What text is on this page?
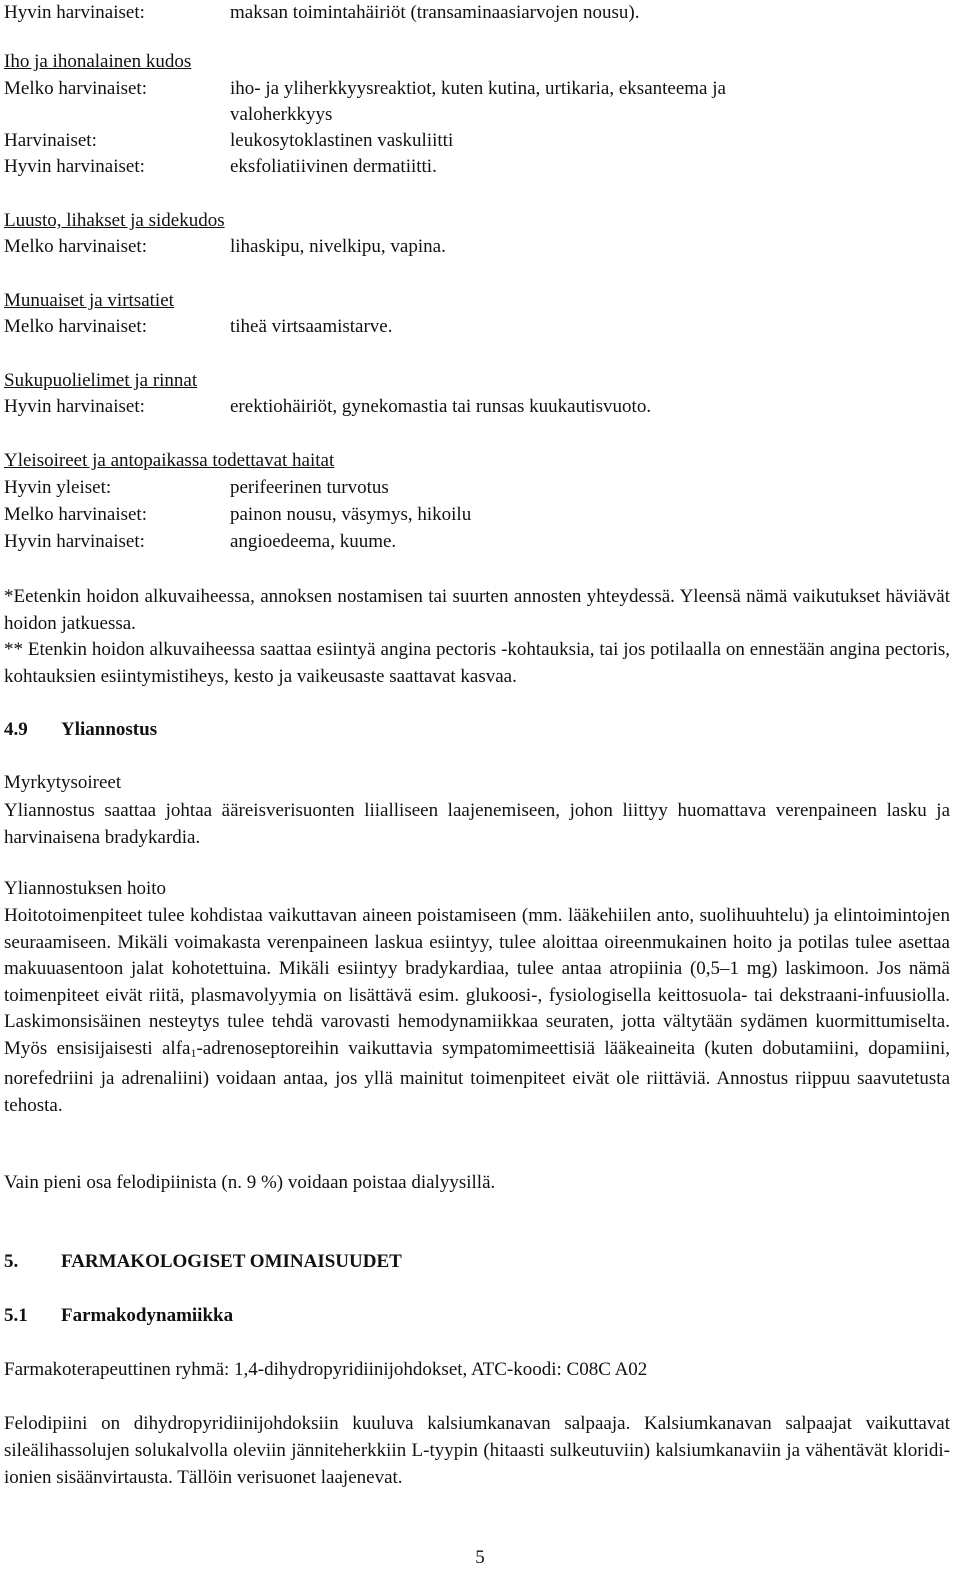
Hyvin harvinaiset:	maksan toimintahäiriöt (transaminaasiarvojen nousu).
Iho ja ihonalainen kudos
Melko harvinaiset:	iho- ja yliherkkyysreaktiot, kuten kutina, urtikaria, eksanteema ja
valoherkkyys
Harvinaiset:	leukosytoklastinen vaskuliitti
Hyvin harvinaiset:	eksfoliatiivinen dermatiitti.
Luusto, lihakset ja sidekudos
Melko harvinaiset:	lihaskipu, nivelkipu, vapina.
Munuaiset ja virtsatiet
Melko harvinaiset:	tiheä virtsaamistarve.
Sukupuolielimet ja rinnat
Hyvin harvinaiset:	erektiohäiriöt, gynekomastia tai runsas kuukautisvuoto.
Yleisoireet ja antopaikassa todettavat haitat
Hyvin yleiset:	perifeerinen turvotus
Melko harvinaiset:	painon nousu, väsymys, hikoilu
Hyvin harvinaiset:	angioedeema, kuume.
*Eetenkin hoidon alkuvaiheessa, annoksen nostamisen tai suurten annosten yhteydessä. Yleensä nämä vaikutukset häviävät hoidon jatkuessa.
** Etenkin hoidon alkuvaiheessa saattaa esiintyä angina pectoris -kohtauksia, tai jos potilaalla on ennestään angina pectoris, kohtauksien esiintymistiheys, kesto ja vaikeusaste saattavat kasvaa.
4.9 Yliannostus
Myrkytysoireet
Yliannostus saattaa johtaa ääreisverisuonten liialliseen laajenemiseen, johon liittyy huomattava verenpaineen lasku ja harvinaisena bradykardia.
Yliannostuksen hoito
Hoitotoimenpiteet tulee kohdistaa vaikuttavan aineen poistamiseen (mm. lääkehiilen anto, suolihuuhtelu) ja elintoimintojen seuraamiseen. Mikäli voimakasta verenpaineen laskua esiintyy, tulee aloittaa oireenmukainen hoito ja potilas tulee asettaa makuuasentoon jalat kohotettuina. Mikäli esiintyy bradykardiaa, tulee antaa atropiinia (0,5–1 mg) laskimoon. Jos nämä toimenpiteet eivät riitä, plasmavolyymia on lisättävä esim. glukoosi-, fysiologisella keittosuola- tai dekstraani-infuusiolla. Laskimonsisäinen nesteytys tulee tehdä varovasti hemodynamiikkaa seuraten, jotta vältytään sydämen kuormittumiselta. Myös ensisijaisesti alfa$_1$-adrenoseptoreihin vaikuttavia sympatomimeettisiä lääkeaineita (kuten dobutamiini, dopamiini, norefedriini ja adrenaliini) voidaan antaa, jos yllä mainitut toimenpiteet eivät ole riittäviä. Annostus riippuu saavutetusta tehosta.
Vain pieni osa felodipiinista (n. 9 %) voidaan poistaa dialyysillä.
5. FARMAKOLOGISET OMINAISUUDET
5.1 Farmakodynamiikka
Farmakoterapeuttinen ryhmä: 1,4-dihydropyridiinijohdokset, ATC-koodi: C08C A02
Felodipiini on dihydropyridiinijohdoksiin kuuluva kalsiumkanavan salpaaja. Kalsiumkanavan salpaajat vaikuttavat sileälihassolujen solukalvolla oleviin jänniteherkkiin L-tyypin (hitaasti sulkeutuviin) kalsiumkanaviin ja vähentävät kloridi-ionien sisäänvirtausta. Tällöin verisuonet laajenevat.
5
